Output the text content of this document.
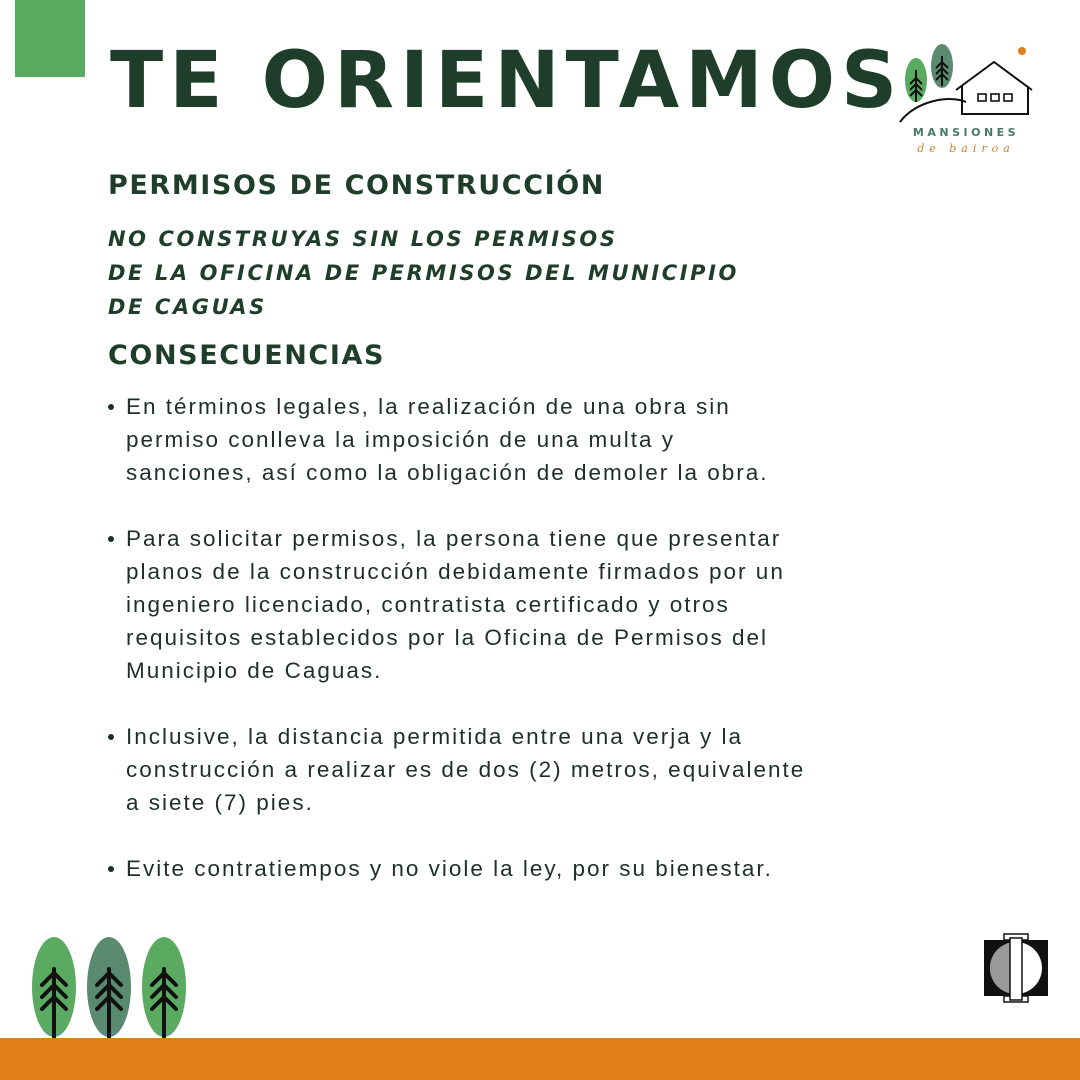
TE ORIENTAMOS
MANSIONES
de bairoa
PERMISOS DE CONSTRUCCIÓN

NO CONSTRUYAS SIN LOS PERMISOS
DE LA OFICINA DE PERMISOS DEL MUNICIPIO
DE CAGUAS

CONSECUENCIAS
En términos legales, la realización de una obra sin
permiso conlleva la imposición de una multa y
sanciones, así como la obligación de demoler la obra.
Para solicitar permisos, la persona tiene que presentar
planos de la construcción debidamente firmados por un
ingeniero licenciado, contratista certificado y otros
requisitos establecidos por la Oficina de Permisos del
Municipio de Caguas.
Inclusive, la distancia permitida entre una verja y la
construcción a realizar es de dos (2) metros, equivalente
a siete (7) pies.
Evite contratiempos y no viole la ley, por su bienestar.
